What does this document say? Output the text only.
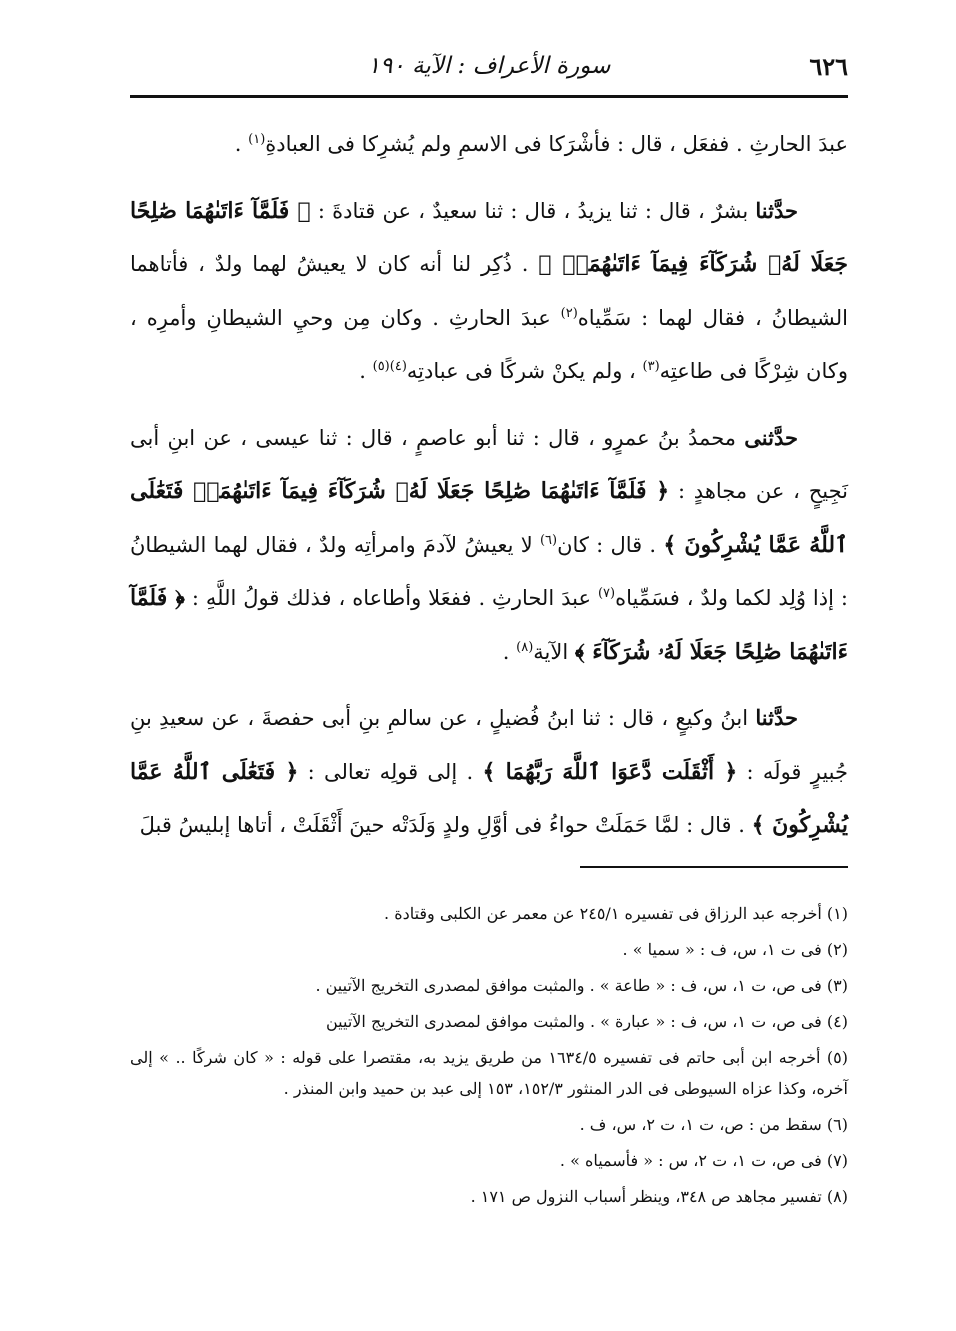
٦٢٦
سورة الأعراف : الآية ١٩٠

عبدَ الحارثِ . ففعَل ، قال : فأشْرَكا فى الاسمِ ولم يُشرِكا فى العبادةِ$^{(١)}$ .

حدَّثنا بشرٌ ، قال : ثنا يزيدُ ، قال : ثنا سعيدٌ ، عن قتادةَ : ﴿ فَلَمَّآ ءَاتَىٰهُمَا صَٰلِحًا جَعَلَا لَهُۥ شُرَكَآءَ فِيمَآ ءَاتَىٰهُمَاۚ ﴾ . ذُكِر لنا أنه كان لا يعيشُ لهما ولدٌ ، فأتاهما الشيطانُ ، فقال لهما : سَمِّياه$^{(٢)}$ عبدَ الحارثِ . وكان مِن وحيِ الشيطانِ وأمرِه ، وكان شِرْكًا فى طاعتِه$^{(٣)}$ ، ولم يكنْ شركًا فى عبادتِه$^{(٤)(٥)}$ .

حدَّثنى محمدُ بنُ عمرٍو ، قال : ثنا أبو عاصمٍ ، قال : ثنا عيسى ، عن ابنِ أبى نَجِيحٍ ، عن مجاهدٍ : ﴿ فَلَمَّآ ءَاتَىٰهُمَا صَٰلِحًا جَعَلَا لَهُۥ شُرَكَآءَ فِيمَآ ءَاتَىٰهُمَاۚ فَتَعَٰلَى ٱللَّهُ عَمَّا يُشْرِكُونَ ﴾ . قال : كان$^{(٦)}$ لا يعيشُ لآدمَ وامرأتِه ولدٌ ، فقال لهما الشيطانُ : إذا وُلِد لكما ولدٌ ، فسَمِّياه$^{(٧)}$ عبدَ الحارثِ . ففعَلا وأطاعاه ، فذلك قولُ اللَّهِ : ﴿ فَلَمَّآ ءَاتَىٰهُمَا صَٰلِحًا جَعَلَا لَهُۥ شُرَكَآءَ ﴾ الآية$^{(٨)}$ .

حدَّثنا ابنُ وكيعٍ ، قال : ثنا ابنُ فُضيلٍ ، عن سالمِ بنِ أبى حفصةَ ، عن سعيدِ بنِ جُبيرٍ قولَه : ﴿ أَثْقَلَت دَّعَوَا ٱللَّهَ رَبَّهُمَا ﴾ . إلى قولِه تعالى : ﴿ فَتَعَٰلَى ٱللَّهُ عَمَّا يُشْرِكُونَ ﴾ . قال : لمَّا حَمَلَتْ حواءُ فى أوَّلِ ولدٍ وَلَدَتْه حينَ أَثْقَلَتْ ، أتاها إبليسُ قبلَ

(١) أخرجه عبد الرزاق فى تفسيره ٢٤٥/١ عن معمر عن الكلبى وقتادة .

(٢) فى ت ١، س، ف : « سميا » .

(٣) فى ص، ت ١، س، ف : « طاعة » . والمثبت موافق لمصدرى التخريج الآتيين .

(٤) فى ص، ت ١، س، ف : « عبارة » . والمثبت موافق لمصدرى التخريج الآتيين

(٥) أخرجه ابن أبى حاتم فى تفسيره ١٦٣٤/٥ من طريق يزيد به، مقتصرا على قوله : « كان شركًا .. » إلى آخره، وكذا عزاه السيوطى فى الدر المنثور ١٥٢/٣، ١٥٣ إلى عبد بن حميد وابن المنذر .

(٦) سقط من : ص، ت ١، ت ٢، س، ف .

(٧) فى ص، ت ١، ت ٢، س : « فأسمياه » .

(٨) تفسير مجاهد ص ٣٤٨، وينظر أسباب النزول ص ١٧١ .
